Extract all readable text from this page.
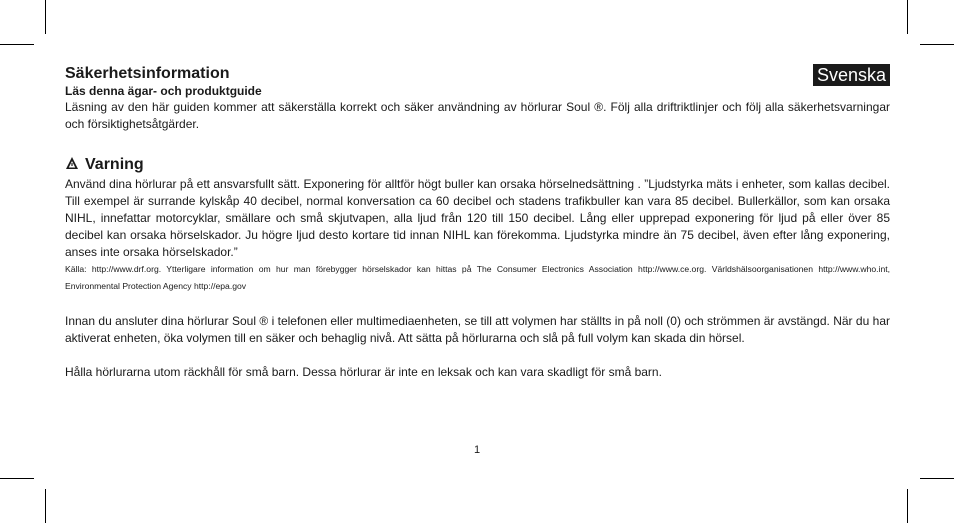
Svenska
Säkerhetsinformation
Läs denna ägar- och produktguide

Läsning av den här guiden kommer att säkerställa korrekt och säker användning av hörlurar Soul ®. Följ alla driftriktlinjer och följ alla säkerhetsvarningar och försiktighetsåtgärder.

Varning

Använd dina hörlurar på ett ansvarsfullt sätt. Exponering för alltför högt buller kan orsaka hörselnedsättning . ”Ljudstyrka mäts i enheter, som kallas decibel. Till exempel är surrande kylskåp 40 decibel, normal konversation ca 60 decibel och stadens trafikbuller kan vara 85 decibel. Bullerkällor, som kan orsaka NIHL, innefattar motorcyklar, smällare och små skjutvapen, alla ljud från 120 till 150 decibel. Lång eller upprepad exponering för ljud på eller över 85 decibel kan orsaka hörselskador. Ju högre ljud desto kortare tid innan NIHL kan förekomma. Ljudstyrka mindre än 75 decibel, även efter lång exponering, anses inte orsaka hörselskador.”

Källa: http://www.drf.org. Ytterligare information om hur man förebygger hörselskador kan hittas på The Consumer Electronics Association http://www.ce.org. Världshälsoorganisationen http://www.who.int, Environmental Protection Agency http://epa.gov

Innan du ansluter dina hörlurar Soul ® i telefonen eller multimediaenheten, se till att volymen har ställts in på noll (0) och strömmen är avstängd. När du har aktiverat enheten, öka volymen till en säker och behaglig nivå. Att sätta på hörlurarna och slå på full volym kan skada din hörsel.

Hålla hörlurarna utom räckhåll för små barn. Dessa hörlurar är inte en leksak och kan vara skadligt för små barn.

1
